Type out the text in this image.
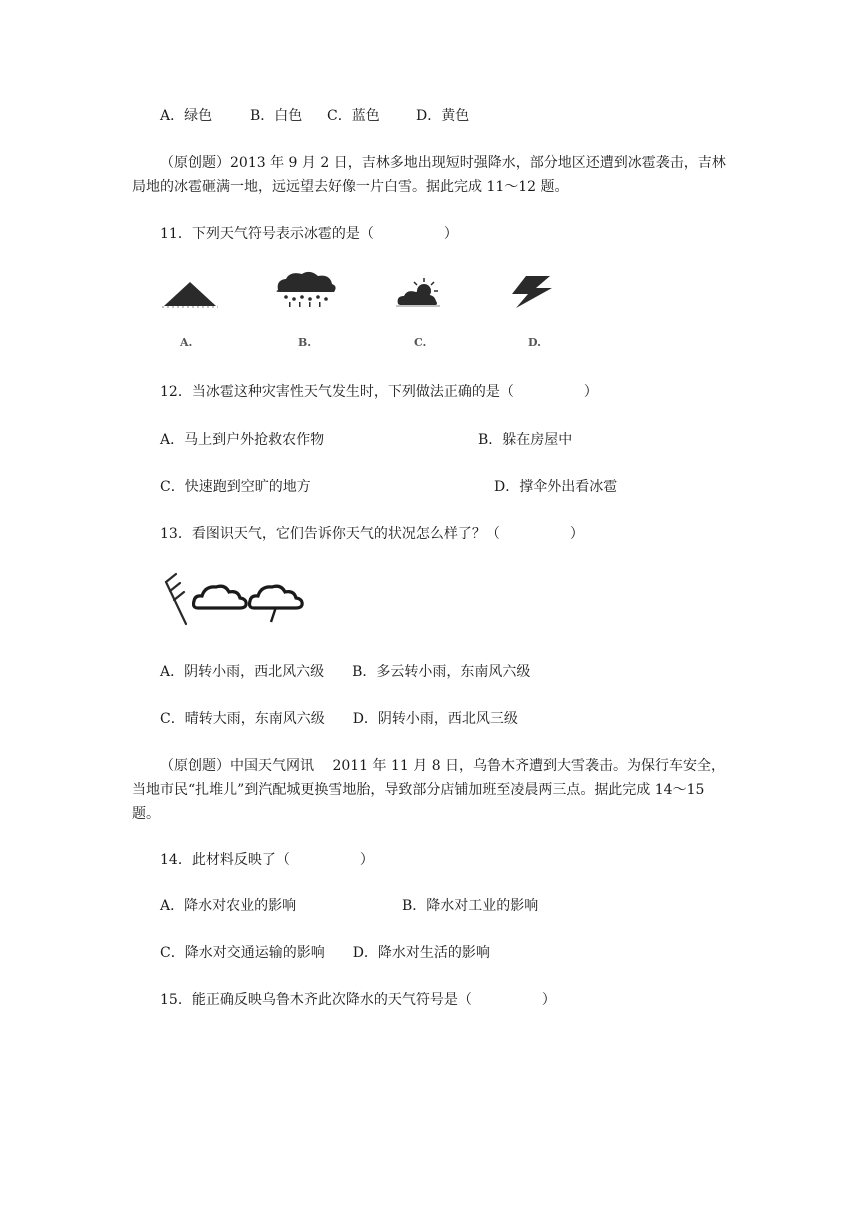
A．绿色	B．白色 C．蓝色	D．黄色
（原创题）2013 年 9 月 2 日，吉林多地出现短时强降水，部分地区还遭到冰雹袭击，吉林
局地的冰雹砸满一地，远远望去好像一片白雪。据此完成 11～12 题。
11．下列天气符号表示冰雹的是（　　　　　）
A.	B.	C.	D.
12．当冰雹这种灾害性天气发生时，下列做法正确的是（　　　　　）
A．马上到户外抢救农作物	B．躲在房屋中
C．快速跑到空旷的地方	D．撑伞外出看冰雹
13．看图识天气，它们告诉你天气的状况怎么样了？（　　　　　）
A．阴转小雨，西北风六级　　B．多云转小雨，东南风六级
C．晴转大雨，东南风六级　　D．阴转小雨，西北风三级
（原创题）中国天气网讯　 2011 年 11 月 8 日，乌鲁木齐遭到大雪袭击。为保行车安全，
当地市民“扎堆儿”到汽配城更换雪地胎，导致部分店铺加班至凌晨两三点。据此完成 14～15
题。
14．此材料反映了（　　　　　）
A．降水对农业的影响	B．降水对工业的影响
C．降水对交通运输的影响　　D．降水对生活的影响
15．能正确反映乌鲁木齐此次降水的天气符号是（　　　　　）
